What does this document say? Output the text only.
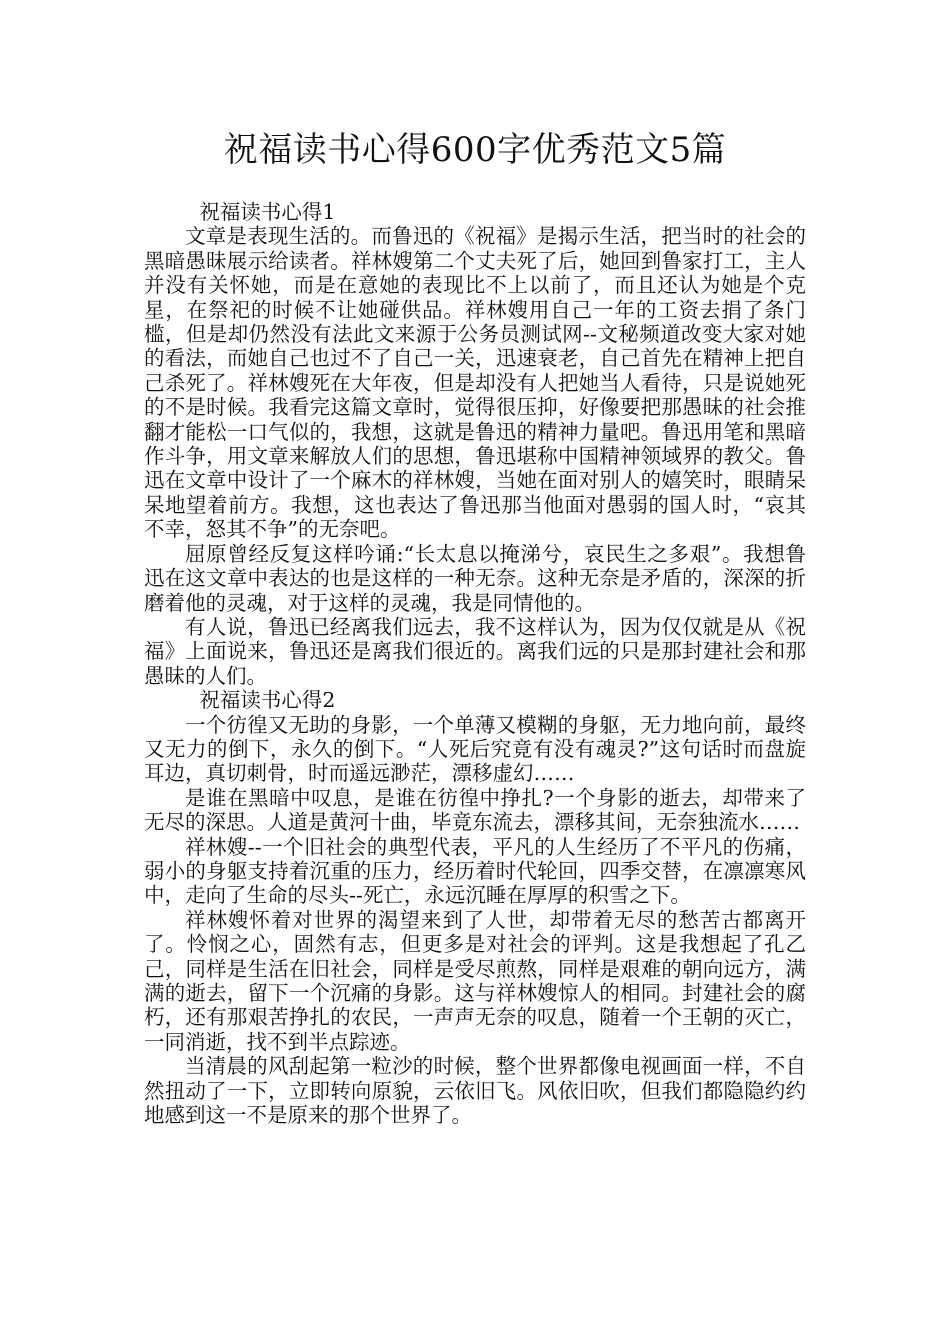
祝福读书心得600字优秀范文5篇

祝福读书心得1

文章是表现生活的。而鲁迅的《祝福》是揭示生活，把当时的社会的黑暗愚昧展示给读者。祥林嫂第二个丈夫死了后，她回到鲁家打工，主人并没有关怀她，而是在意她的表现比不上以前了，而且还认为她是个克星，在祭祀的时候不让她碰供品。祥林嫂用自己一年的工资去捐了条门槛，但是却仍然没有法此文来源于公务员测试网--文秘频道改变大家对她的看法，而她自己也过不了自己一关，迅速衰老，自己首先在精神上把自己杀死了。祥林嫂死在大年夜，但是却没有人把她当人看待，只是说她死的不是时候。我看完这篇文章时，觉得很压抑，好像要把那愚昧的社会推翻才能松一口气似的，我想，这就是鲁迅的精神力量吧。鲁迅用笔和黑暗作斗争，用文章来解放人们的思想，鲁迅堪称中国精神领域界的教父。鲁迅在文章中设计了一个麻木的祥林嫂，当她在面对别人的嬉笑时，眼睛呆呆地望着前方。我想，这也表达了鲁迅那当他面对愚弱的国人时，“哀其不幸，怒其不争”的无奈吧。

屈原曾经反复这样吟诵:“长太息以掩涕兮，哀民生之多艰”。我想鲁迅在这文章中表达的也是这样的一种无奈。这种无奈是矛盾的，深深的折磨着他的灵魂，对于这样的灵魂，我是同情他的。

有人说，鲁迅已经离我们远去，我不这样认为，因为仅仅就是从《祝福》上面说来，鲁迅还是离我们很近的。离我们远的只是那封建社会和那愚昧的人们。

祝福读书心得2

一个彷徨又无助的身影，一个单薄又模糊的身躯，无力地向前，最终又无力的倒下，永久的倒下。“人死后究竟有没有魂灵?”这句话时而盘旋耳边，真切刺骨，时而遥远渺茫，漂移虚幻……

是谁在黑暗中叹息，是谁在彷徨中挣扎?一个身影的逝去，却带来了无尽的深思。人道是黄河十曲，毕竟东流去，漂移其间，无奈独流水……

祥林嫂--一个旧社会的典型代表，平凡的人生经历了不平凡的伤痛，弱小的身躯支持着沉重的压力，经历着时代轮回，四季交替，在凛凛寒风中，走向了生命的尽头--死亡，永远沉睡在厚厚的积雪之下。

祥林嫂怀着对世界的渴望来到了人世，却带着无尽的愁苦古都离开了。怜悯之心，固然有志，但更多是对社会的评判。这是我想起了孔乙己，同样是生活在旧社会，同样是受尽煎熬，同样是艰难的朝向远方，满满的逝去，留下一个沉痛的身影。这与祥林嫂惊人的相同。封建社会的腐朽，还有那艰苦挣扎的农民，一声声无奈的叹息，随着一个王朝的灭亡，一同消逝，找不到半点踪迹。

当清晨的风刮起第一粒沙的时候，整个世界都像电视画面一样，不自然扭动了一下，立即转向原貌，云依旧飞。风依旧吹，但我们都隐隐约约地感到这一不是原来的那个世界了。
